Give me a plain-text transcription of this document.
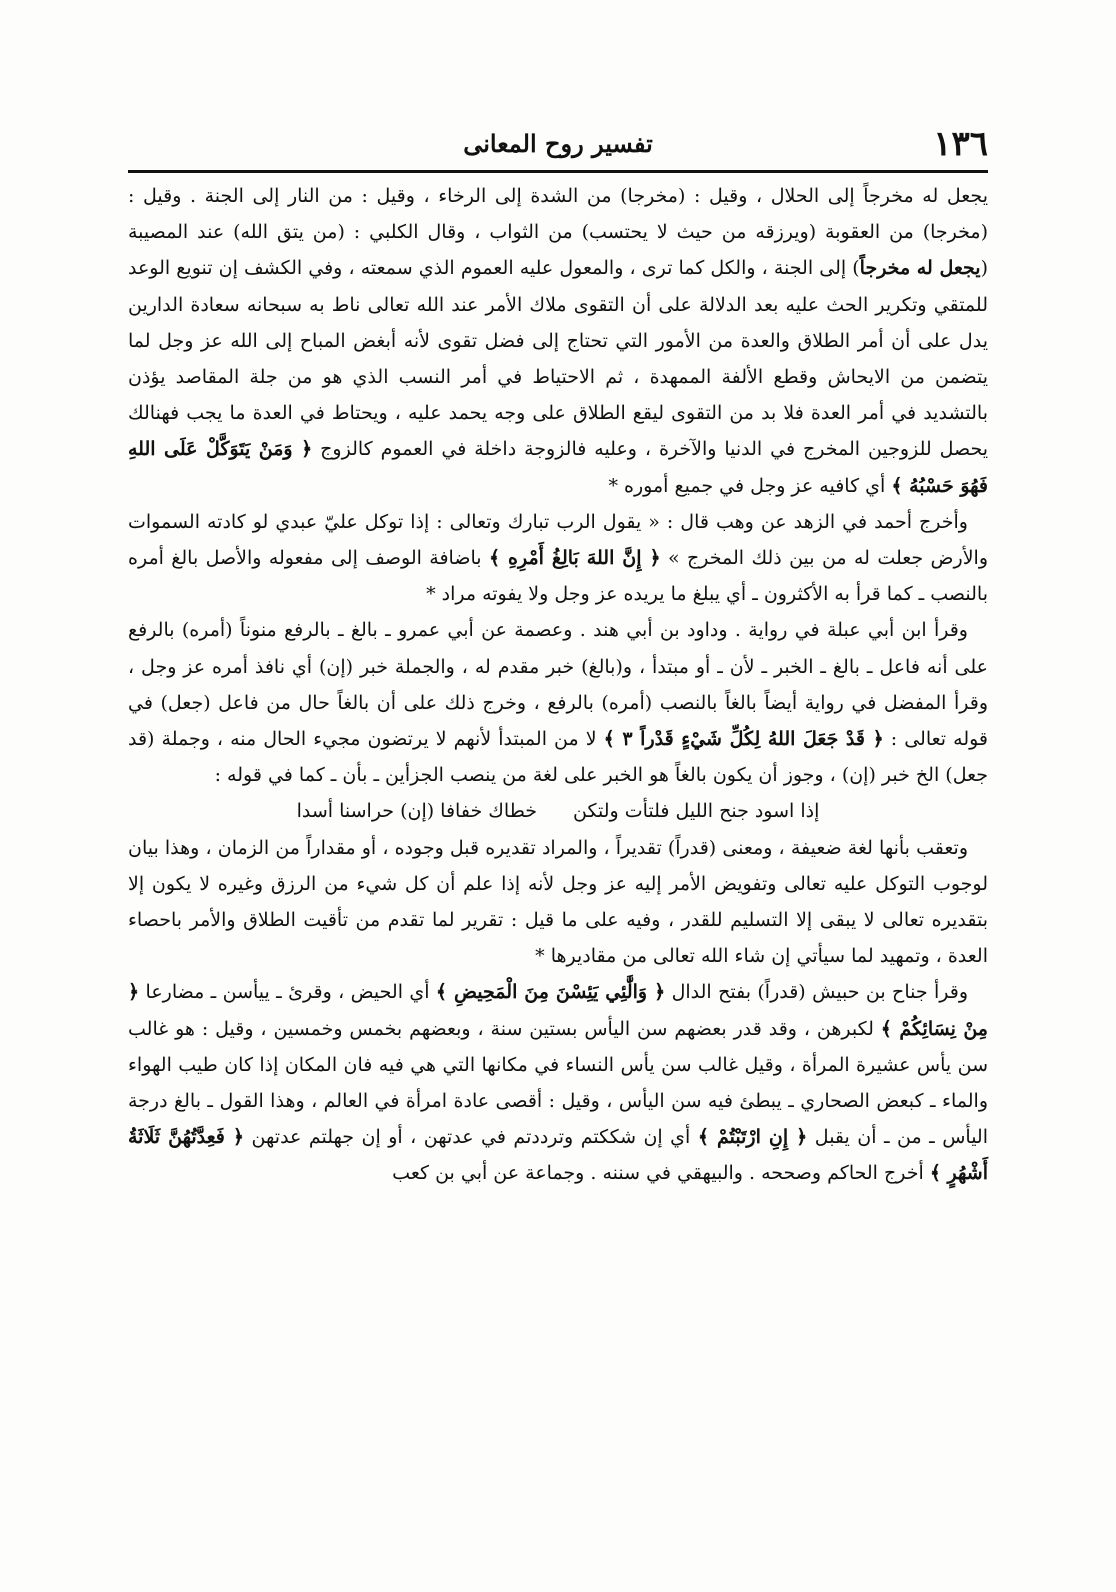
١٣٦
تفسير روح المعانى

يجعل له مخرجاً إلى الحلال ، وقيل : (مخرجا) من الشدة إلى الرخاء ، وقيل : من النار إلى الجنة . وقيل : (مخرجا) من العقوبة (ويرزقه من حيث لا يحتسب) من الثواب ، وقال الكلبي : (من يتق الله) عند المصيبة (يجعل له مخرجاً) إلى الجنة ، والكل كما ترى ، والمعول عليه العموم الذي سمعته ، وفي الكشف إن تنويع الوعد للمتقي وتكرير الحث عليه بعد الدلالة على أن التقوى ملاك الأمر عند الله تعالى ناط به سبحانه سعادة الدارين يدل على أن أمر الطلاق والعدة من الأمور التي تحتاج إلى فضل تقوى لأنه أبغض المباح إلى الله عز وجل لما يتضمن من الايحاش وقطع الألفة الممهدة ، ثم الاحتياط في أمر النسب الذي هو من جلة المقاصد يؤذن بالتشديد في أمر العدة فلا بد من التقوى ليقع الطلاق على وجه يحمد عليه ، ويحتاط في العدة ما يجب فهنالك يحصل للزوجين المخرج في الدنيا والآخرة ، وعليه فالزوجة داخلة في العموم كالزوج ﴿ وَمَنْ يَتَوَكَّلْ عَلَى اللهِ فَهُوَ حَسْبُهُ ﴾ أي كافيه عز وجل في جميع أموره *

وأخرج أحمد في الزهد عن وهب قال : « يقول الرب تبارك وتعالى : إذا توكل عليّ عبدي لو كادته السموات والأرض جعلت له من بين ذلك المخرج » ﴿ إِنَّ اللهَ بَالِغُ أَمْرِهِ ﴾ باضافة الوصف إلى مفعوله والأصل بالغ أمره بالنصب ـ كما قرأ به الأكثرون ـ أي يبلغ ما يريده عز وجل ولا يفوته مراد *

وقرأ ابن أبي عبلة في رواية . وداود بن أبي هند . وعصمة عن أبي عمرو ـ بالغ ـ بالرفع منوناً (أمره) بالرفع على أنه فاعل ـ بالغ ـ الخبر ـ لأن ـ أو مبتدأ ، و(بالغ) خبر مقدم له ، والجملة خبر (إن) أي نافذ أمره عز وجل ، وقرأ المفضل في رواية أيضاً بالغاً بالنصب (أمره) بالرفع ، وخرج ذلك على أن بالغاً حال من فاعل (جعل) في قوله تعالى : ﴿ قَدْ جَعَلَ اللهُ لِكُلِّ شَيْءٍ قَدْراً ٣ ﴾ لا من المبتدأ لأنهم لا يرتضون مجيء الحال منه ، وجملة (قد جعل) الخ خبر (إن) ، وجوز أن يكون بالغاً هو الخبر على لغة من ينصب الجزأين ـ بأن ـ كما في قوله :

إذا اسود جنح الليل فلتأت ولتكنخطاك خفافا (إن) حراسنا أسدا

وتعقب بأنها لغة ضعيفة ، ومعنى (قدراً) تقديراً ، والمراد تقديره قبل وجوده ، أو مقداراً من الزمان ، وهذا بيان لوجوب التوكل عليه تعالى وتفويض الأمر إليه عز وجل لأنه إذا علم أن كل شيء من الرزق وغيره لا يكون إلا بتقديره تعالى لا يبقى إلا التسليم للقدر ، وفيه على ما قيل : تقرير لما تقدم من تأقيت الطلاق والأمر باحصاء العدة ، وتمهيد لما سيأتي إن شاء الله تعالى من مقاديرها *

وقرأ جناح بن حبيش (قدراً) بفتح الدال ﴿ وَالَّٰئِي يَئِسْنَ مِنَ الْمَحِيضِ ﴾ أي الحيض ، وقرئ ـ ييأسن ـ مضارعا ﴿ مِنْ نِسَائِكُمْ ﴾ لكبرهن ، وقد قدر بعضهم سن اليأس بستين سنة ، وبعضهم بخمس وخمسين ، وقيل : هو غالب سن يأس عشيرة المرأة ، وقيل غالب سن يأس النساء في مكانها التي هي فيه فان المكان إذا كان طيب الهواء والماء ـ كبعض الصحاري ـ يبطئ فيه سن اليأس ، وقيل : أقصى عادة امرأة في العالم ، وهذا القول ـ بالغ درجة اليأس ـ من ـ أن يقبل ﴿ إِنِ ارْتَبْتُمْ ﴾ أي إن شككتم وترددتم في عدتهن ، أو إن جهلتم عدتهن ﴿ فَعِدَّتُهُنَّ ثَلَاثَةُ أَشْهُرٍ ﴾ أخرج الحاكم وصححه . والبيهقي في سننه . وجماعة عن أبي بن كعب
